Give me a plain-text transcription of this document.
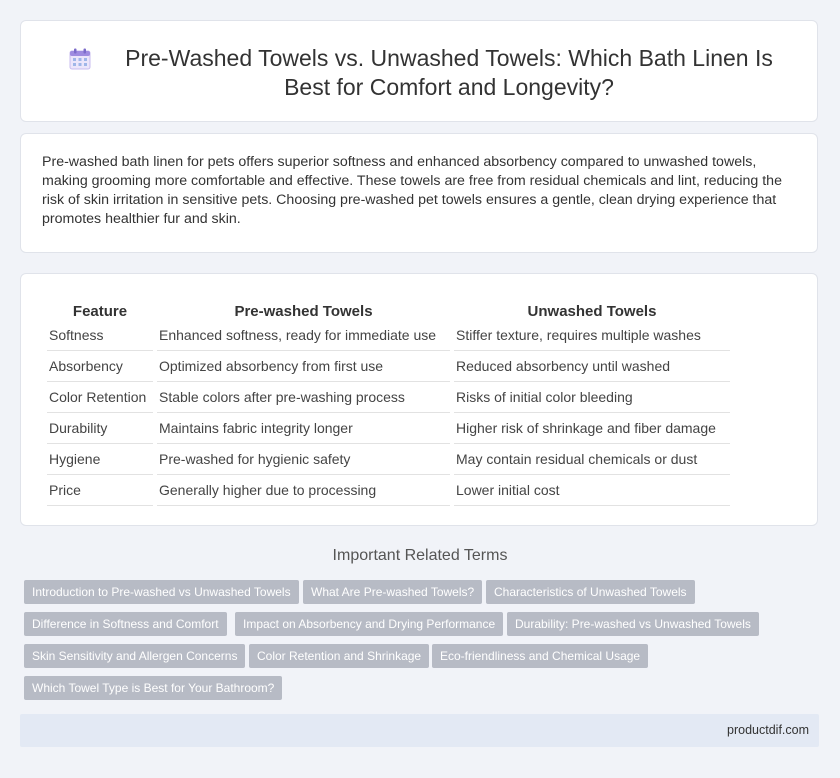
Pre-Washed Towels vs. Unwashed Towels: Which Bath Linen Is Best for Comfort and Longevity?

Pre-washed bath linen for pets offers superior softness and enhanced absorbency compared to unwashed towels, making grooming more comfortable and effective. These towels are free from residual chemicals and lint, reducing the risk of skin irritation in sensitive pets. Choosing pre-washed pet towels ensures a gentle, clean drying experience that promotes healthier fur and skin.

Feature	Pre-washed Towels	Unwashed Towels
Softness	Enhanced softness, ready for immediate use	Stiffer texture, requires multiple washes
Absorbency	Optimized absorbency from first use	Reduced absorbency until washed
Color Retention	Stable colors after pre-washing process	Risks of initial color bleeding
Durability	Maintains fabric integrity longer	Higher risk of shrinkage and fiber damage
Hygiene	Pre-washed for hygienic safety	May contain residual chemicals or dust
Price	Generally higher due to processing	Lower initial cost
Important Related Terms
Introduction to Pre-washed vs Unwashed Towels	What Are Pre-washed Towels?	Characteristics of Unwashed Towels
Difference in Softness and Comfort	Impact on Absorbency and Drying Performance	Durability: Pre-washed vs Unwashed Towels
Skin Sensitivity and Allergen Concerns	Color Retention and Shrinkage	Eco-friendliness and Chemical Usage
Which Towel Type is Best for Your Bathroom?
productdif.com
